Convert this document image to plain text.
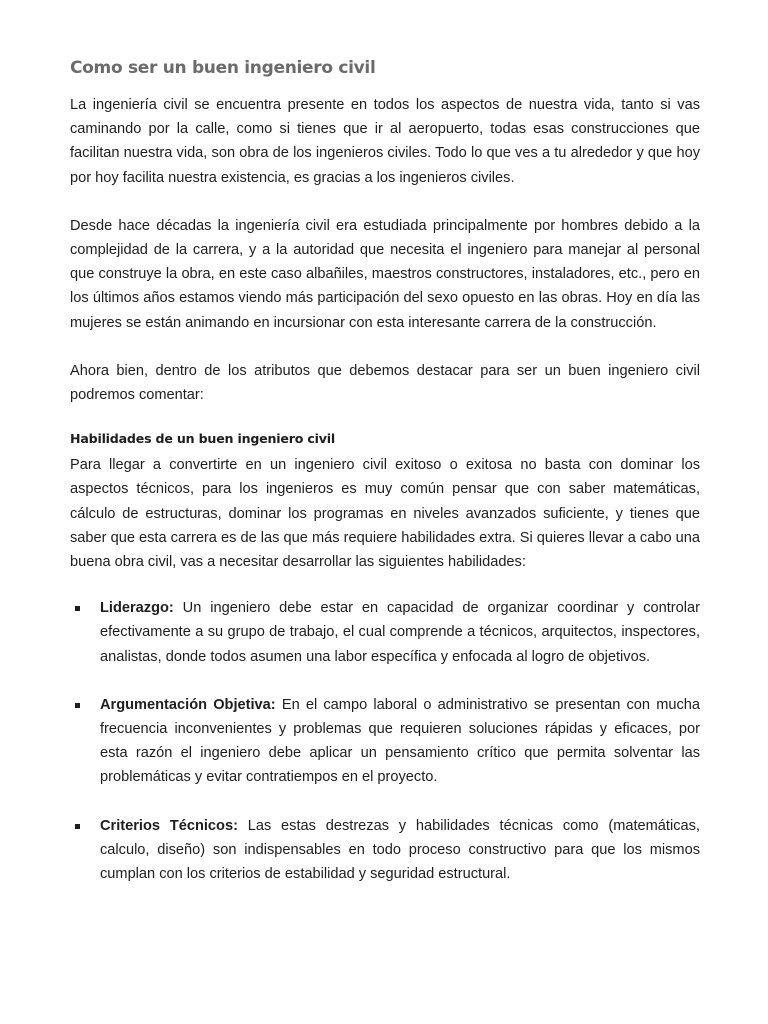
Como ser un buen ingeniero civil

La ingeniería civil se encuentra presente en todos los aspectos de nuestra vida, tanto si vas caminando por la calle, como si tienes que ir al aeropuerto, todas esas construcciones que facilitan nuestra vida, son obra de los ingenieros civiles. Todo lo que ves a tu alrededor y que hoy por hoy facilita nuestra existencia, es gracias a los ingenieros civiles.

Desde hace décadas la ingeniería civil era estudiada principalmente por hombres debido a la complejidad de la carrera, y a la autoridad que necesita el ingeniero para manejar al personal que construye la obra, en este caso albañiles, maestros constructores, instaladores, etc., pero en los últimos años estamos viendo más participación del sexo opuesto en las obras. Hoy en día las mujeres se están animando en incursionar con esta interesante carrera de la construcción.

Ahora bien, dentro de los atributos que debemos destacar para ser un buen ingeniero civil podremos comentar:

Habilidades de un buen ingeniero civil

Para llegar a convertirte en un ingeniero civil exitoso o exitosa no basta con dominar los aspectos técnicos, para los ingenieros es muy común pensar que con saber matemáticas, cálculo de estructuras, dominar los programas en niveles avanzados suficiente, y tienes que saber que esta carrera es de las que más requiere habilidades extra. Si quieres llevar a cabo una buena obra civil, vas a necesitar desarrollar las siguientes habilidades:

Liderazgo: Un ingeniero debe estar en capacidad de organizar coordinar y controlar efectivamente a su grupo de trabajo, el cual comprende a técnicos, arquitectos, inspectores, analistas, donde todos asumen una labor específica y enfocada al logro de objetivos.
Argumentación Objetiva: En el campo laboral o administrativo se presentan con mucha frecuencia inconvenientes y problemas que requieren soluciones rápidas y eficaces, por esta razón el ingeniero debe aplicar un pensamiento crítico que permita solventar las problemáticas y evitar contratiempos en el proyecto.
Criterios Técnicos: Las estas destrezas y habilidades técnicas como (matemáticas, calculo, diseño) son indispensables en todo proceso constructivo para que los mismos cumplan con los criterios de estabilidad y seguridad estructural.
